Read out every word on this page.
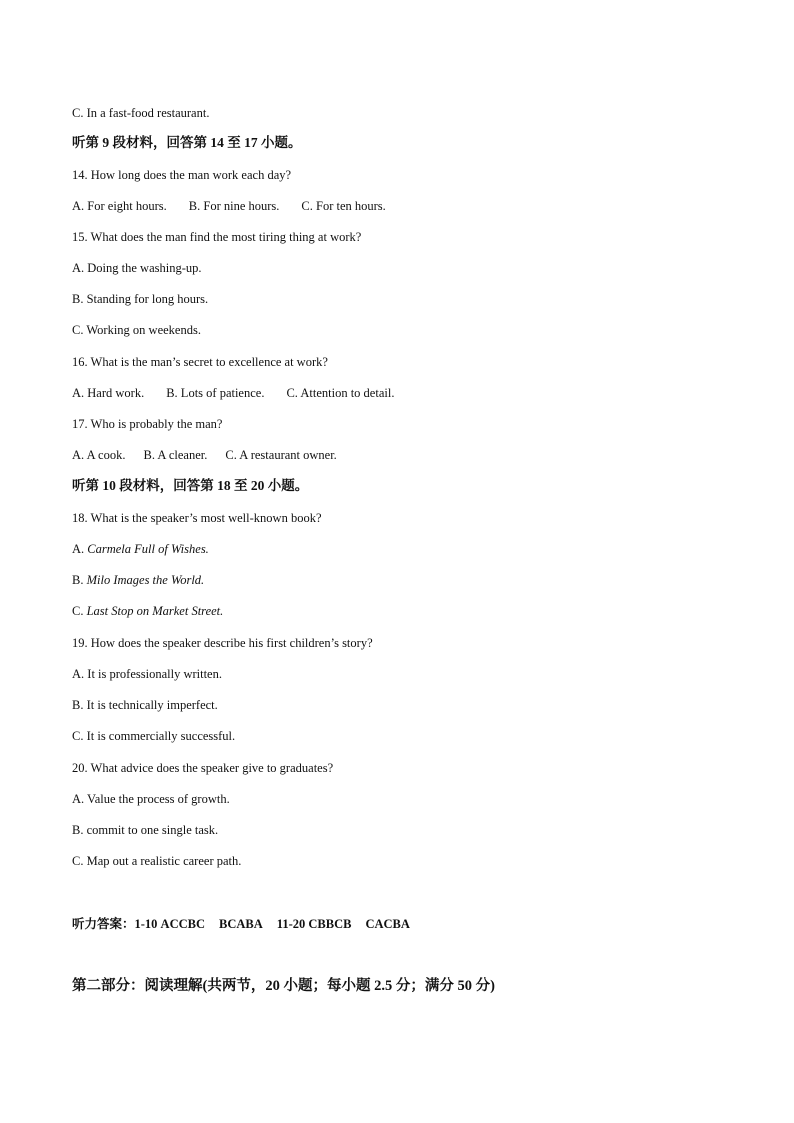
C. In a fast-food restaurant.
听第 9 段材料，回答第 14 至 17 小题。
14. How long does the man work each day?
A. For eight hours. B. For nine hours. C. For ten hours.
15. What does the man find the most tiring thing at work?
A. Doing the washing-up.
B. Standing for long hours.
C. Working on weekends.
16. What is the man’s secret to excellence at work?
A. Hard work. B. Lots of patience. C. Attention to detail.
17. Who is probably the man?
A. A cook. B. A cleaner. C. A restaurant owner.
听第 10 段材料，回答第 18 至 20 小题。
18. What is the speaker’s most well-known book?
A. Carmela Full of Wishes.
B. Milo Images the World.
C. Last Stop on Market Street.
19. How does the speaker describe his first children’s story?
A. It is professionally written.
B. It is technically imperfect.
C. It is commercially successful.
20. What advice does the speaker give to graduates?
A. Value the process of growth.
B. commit to one single task.
C. Map out a realistic career path.
听力答案：1-10 ACCBC BCABA 11-20 CBBCB CACBA
第二部分：阅读理解(共两节，20 小题；每小题 2.5 分；满分 50 分)
